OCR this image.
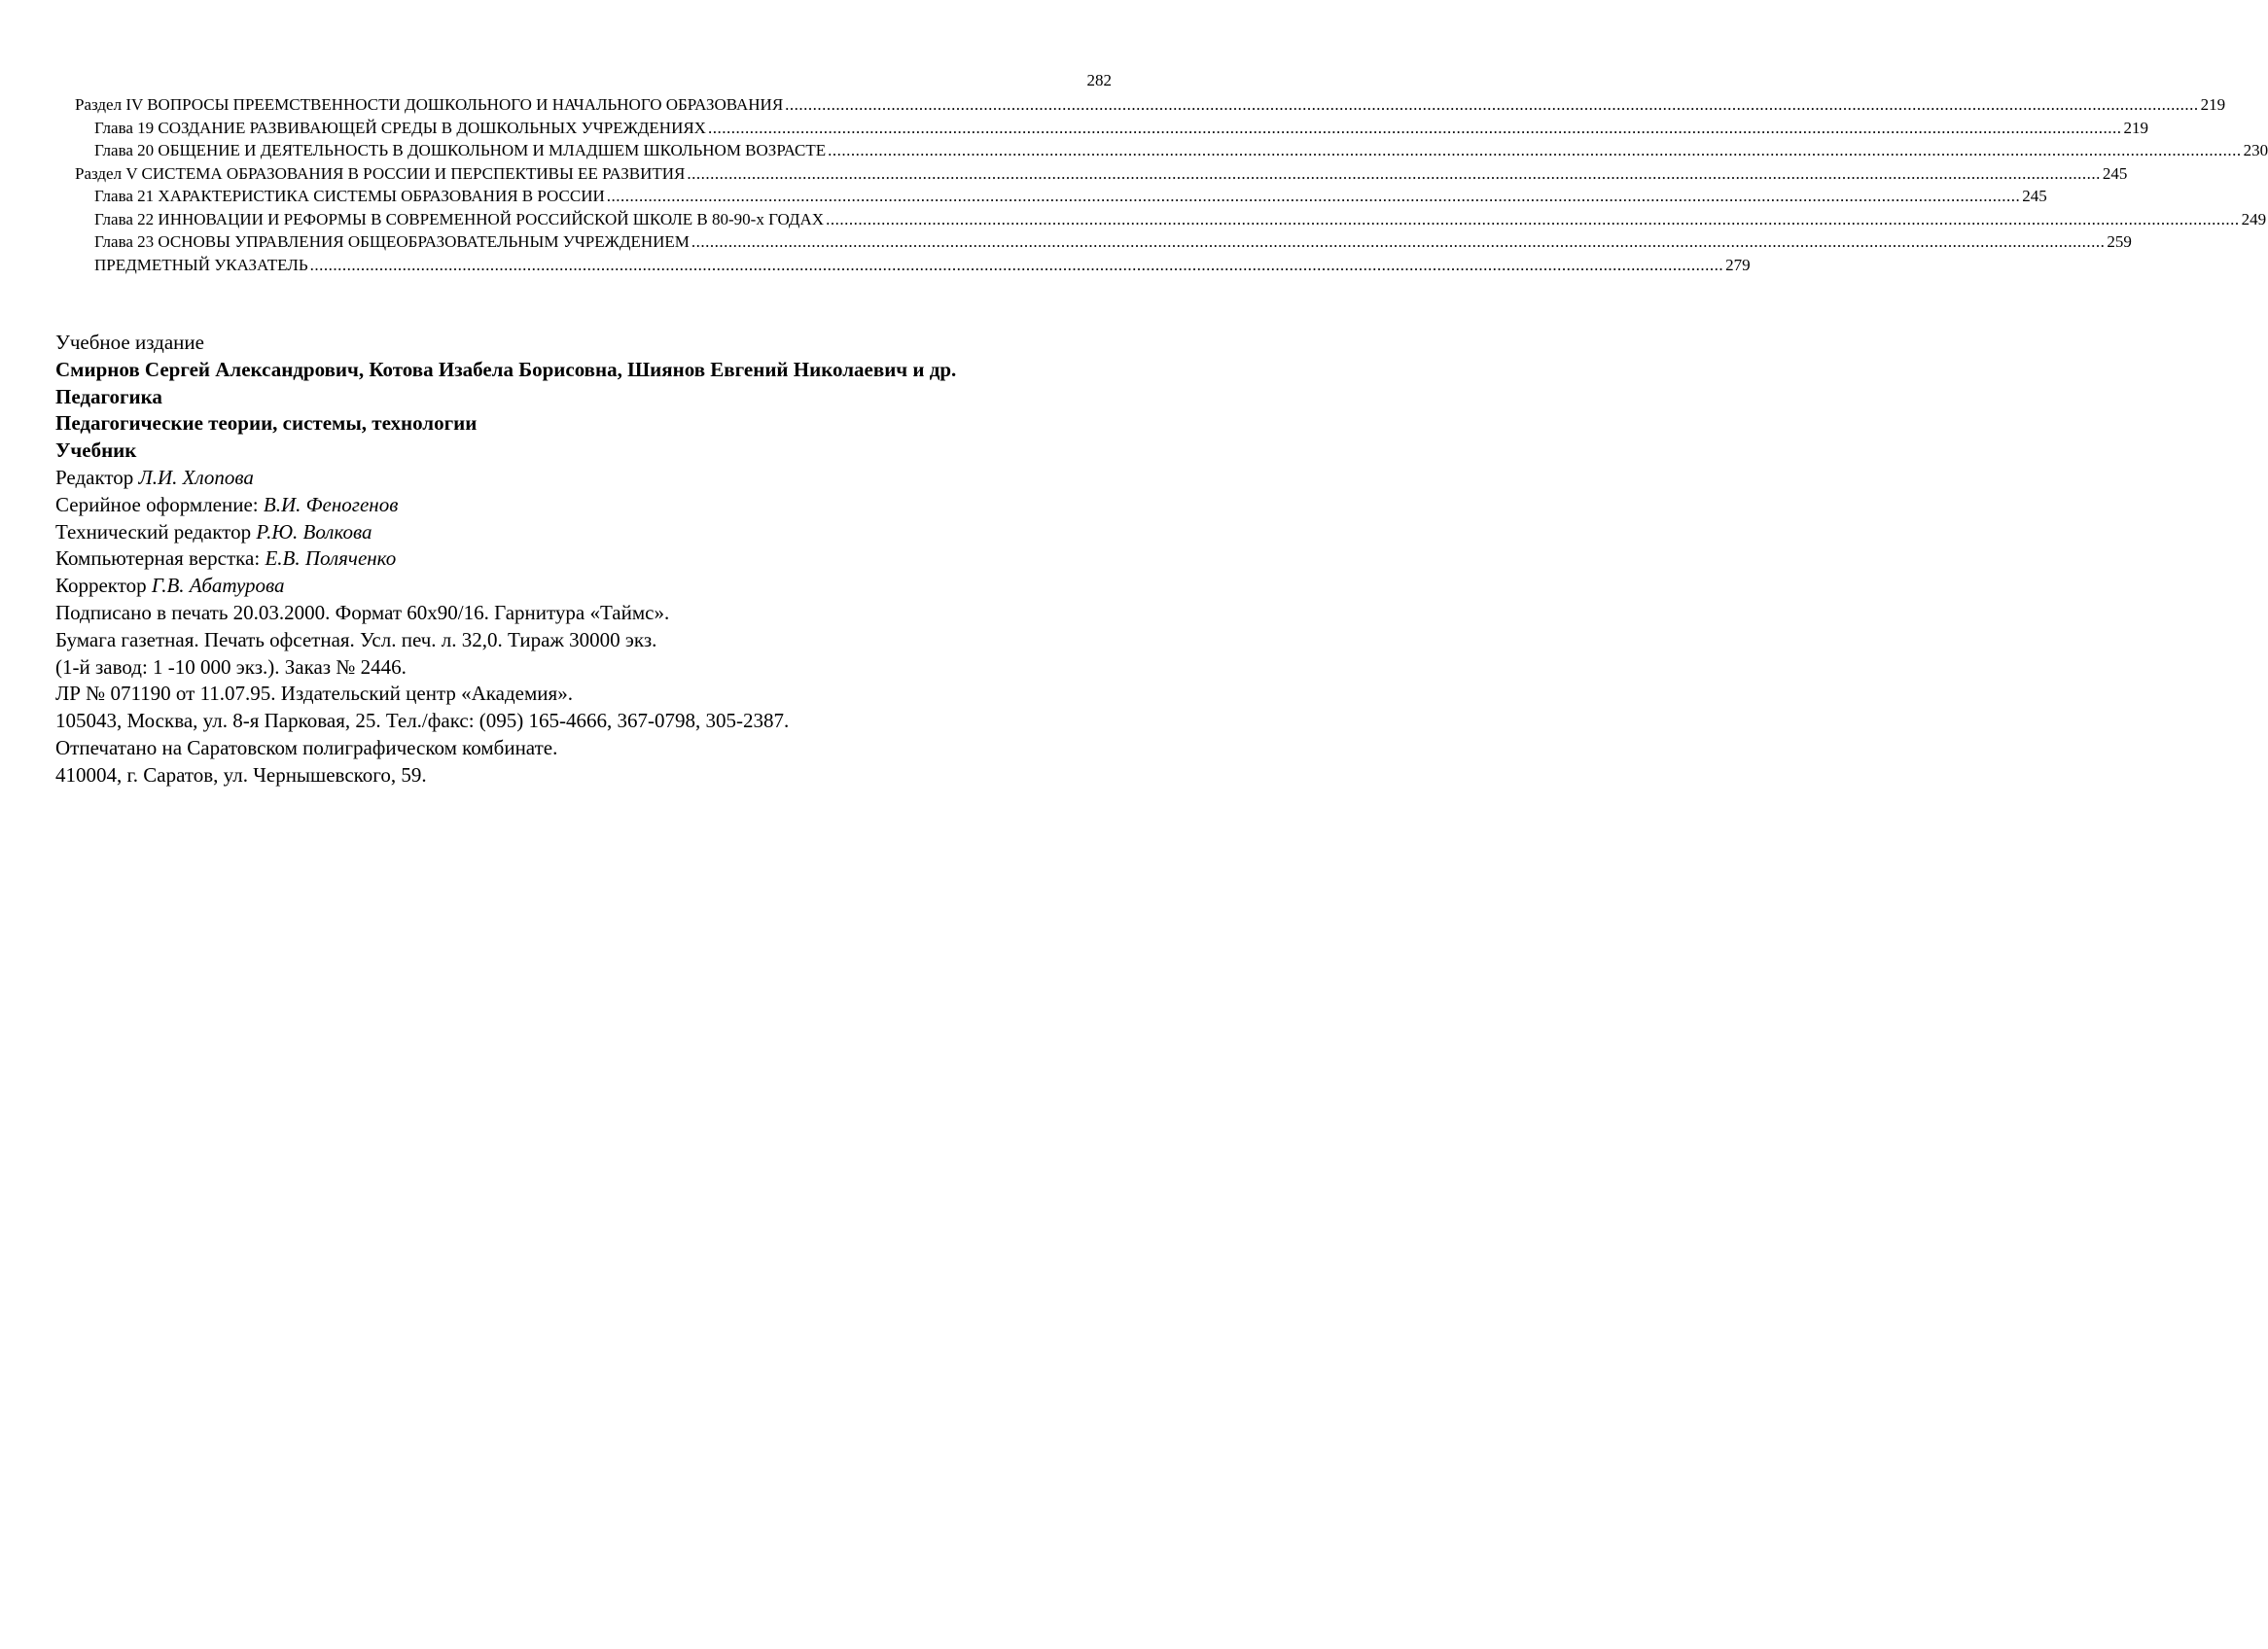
282
Раздел IV ВОПРОСЫ ПРЕЕМСТВЕННОСТИ ДОШКОЛЬНОГО И НАЧАЛЬНОГО ОБРАЗОВАНИЯ .....	219
Глава 19 СОЗДАНИЕ РАЗВИВАЮЩЕЙ СРЕДЫ В ДОШКОЛЬНЫХ УЧРЕЖДЕНИЯХ .....	219
Глава 20 ОБЩЕНИЕ И ДЕЯТЕЛЬНОСТЬ В ДОШКОЛЬНОМ И МЛАДШЕМ ШКОЛЬНОМ ВОЗРАСТЕ .....	230
Раздел V СИСТЕМА ОБРАЗОВАНИЯ В РОССИИ И ПЕРСПЕКТИВЫ ЕЕ РАЗВИТИЯ .....	245
Глава 21 ХАРАКТЕРИСТИКА СИСТЕМЫ ОБРАЗОВАНИЯ В РОССИИ .....	245
Глава 22 ИННОВАЦИИ И РЕФОРМЫ В СОВРЕМЕННОЙ РОССИЙСКОЙ ШКОЛЕ В 80-90-х ГОДАХ .....	249
Глава 23 ОСНОВЫ УПРАВЛЕНИЯ ОБЩЕОБРАЗОВАТЕЛЬНЫМ УЧРЕЖДЕНИЕМ .....	259
ПРЕДМЕТНЫЙ УКАЗАТЕЛЬ .....	279
Учебное издание
Смирнов Сергей Александрович, Котова Изабела Борисовна, Шиянов Евгений Николаевич и др.
Педагогика
Педагогические теории, системы, технологии
Учебник
Редактор Л.И. Хлопова
Серийное оформление: В.И. Феногенов
Технический редактор Р.Ю. Волкова
Компьютерная верстка: Е.В. Поляченко
Корректор Г.В. Абатурова
Подписано в печать 20.03.2000. Формат 60x90/16. Гарнитура «Таймс».
Бумага газетная. Печать офсетная. Усл. печ. л. 32,0. Тираж 30000 экз.
(1-й завод: 1 -10 000 экз.). Заказ № 2446.
ЛР № 071190 от 11.07.95. Издательский центр «Академия».
105043, Москва, ул. 8-я Парковая, 25. Тел./факс: (095) 165-4666, 367-0798, 305-2387.
Отпечатано на Саратовском полиграфическом комбинате.
410004, г. Саратов, ул. Чернышевского, 59.
